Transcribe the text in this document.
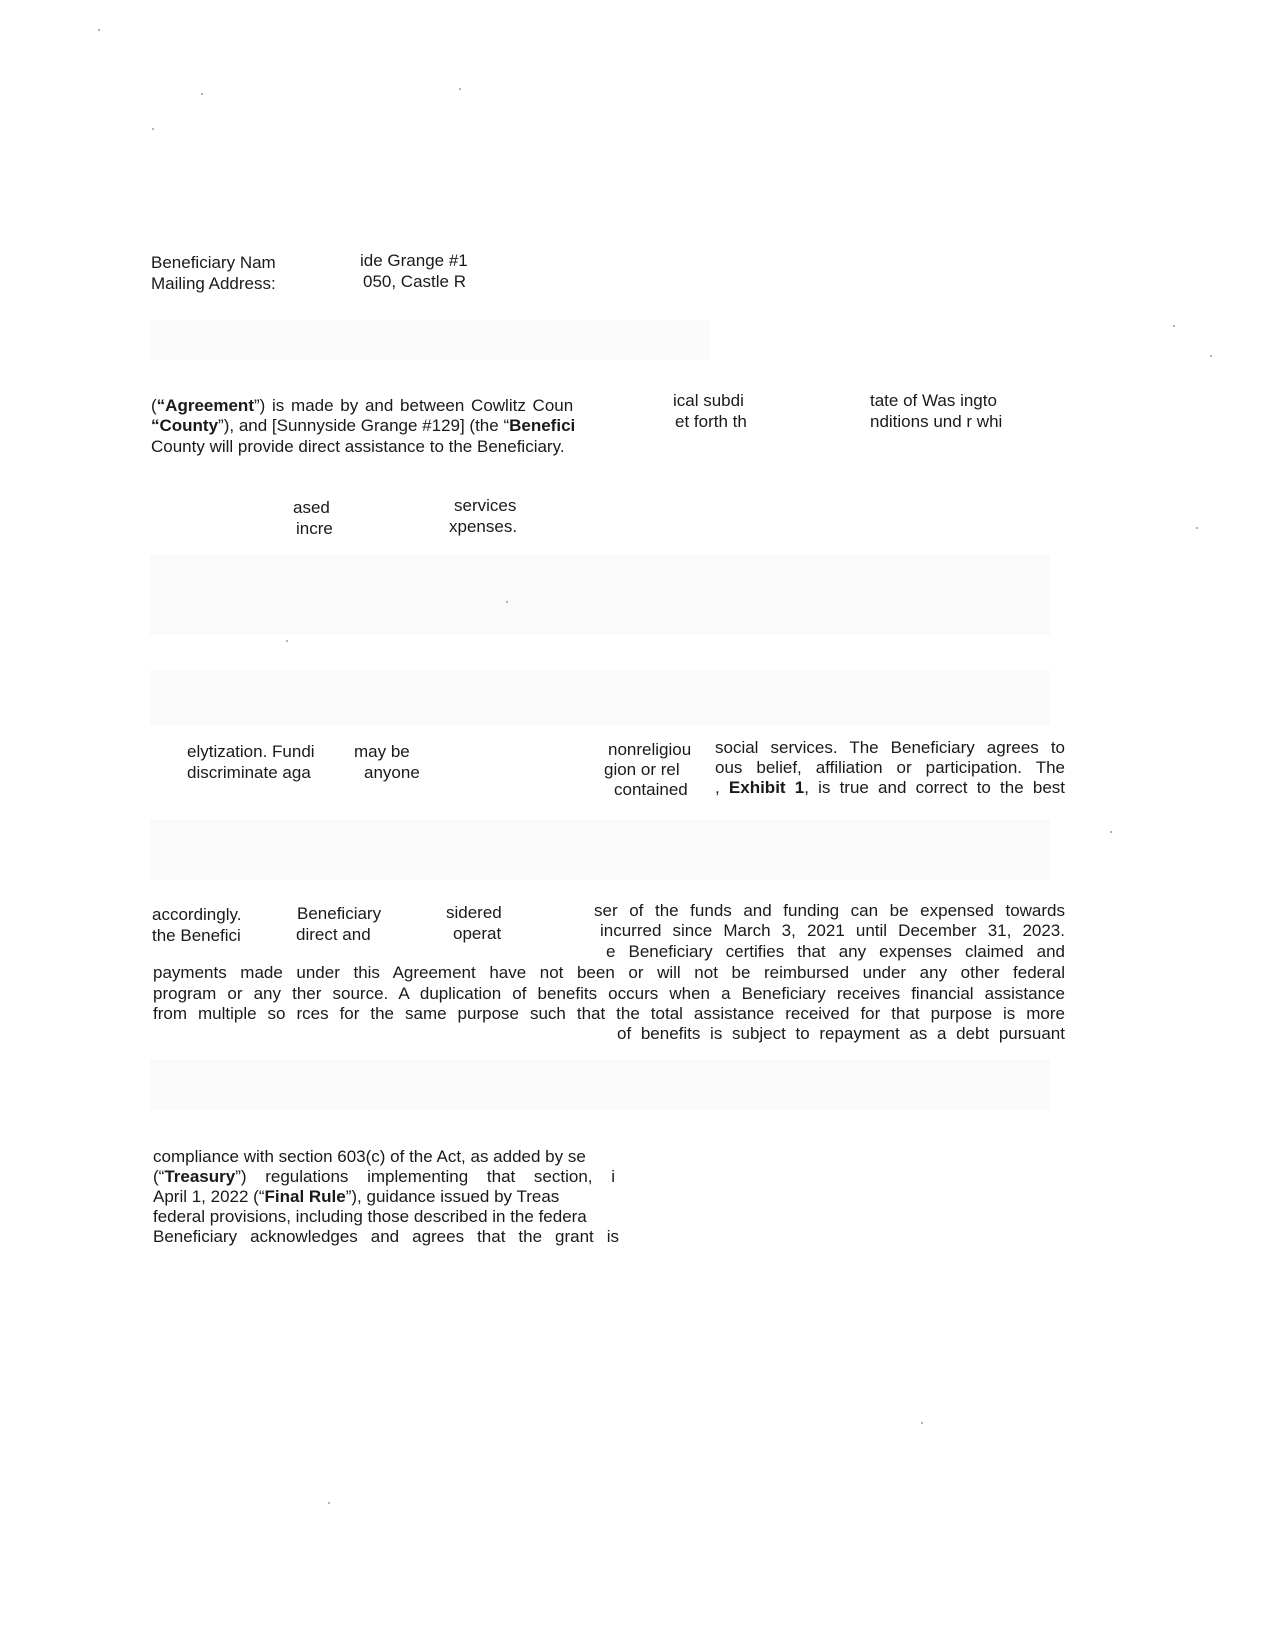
Beneficiary Nam
Mailing Address:
ide Grange #1
050, Castle R
(“Agreement”) is made by and between Cowlitz Coun
“County”), and [Sunnyside Grange #129] (the “Benefici
County will provide direct assistance to the Beneficiary.
ical subdi
et forth th
tate of Was ingto
nditions und r whi
ased
incre
services
xpenses.
elytization. Fundi
discriminate aga
may be
anyone
nonreligiou
gion or rel
contained
social services. The Beneficiary agrees to
ous belief, affiliation or participation. The
, Exhibit 1, is true and correct to the best
accordingly.
the Benefici
Beneficiary
direct and
sidered
operat
ser of the funds and funding can be expensed towards
incurred since March 3, 2021 until December 31, 2023.
e Beneficiary certifies that any expenses claimed and
payments made under this Agreement have not been or will not be reimbursed under any other federal
program or any ther source. A duplication of benefits occurs when a Beneficiary receives financial assistance
from multiple so rces for the same purpose such that the total assistance received for that purpose is more
of benefits is subject to repayment as a debt pursuant
compliance with section 603(c) of the Act, as added by se
(“Treasury”) regulations implementing that section, i
April 1, 2022 (“Final Rule”), guidance issued by Treas
federal provisions, including those described in the federa
Beneficiary acknowledges and agrees that the grant is
